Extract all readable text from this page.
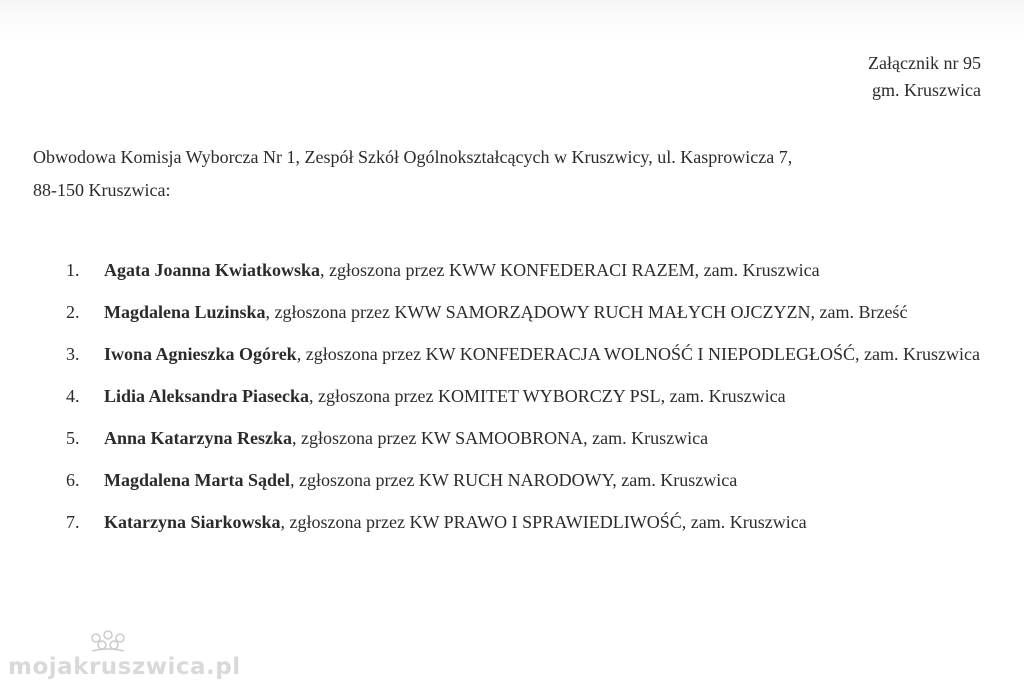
Załącznik nr 95
gm. Kruszwica
Obwodowa Komisja Wyborcza Nr 1, Zespół Szkół Ogólnokształcących w Kruszwicy, ul. Kasprowicza 7,
88-150 Kruszwica:
1. Agata Joanna Kwiatkowska, zgłoszona przez KWW KONFEDERACI RAZEM, zam. Kruszwica
2. Magdalena Luzinska, zgłoszona przez KWW SAMORZĄDOWY RUCH MAŁYCH OJCZYZN, zam. Brześć
3. Iwona Agnieszka Ogórek, zgłoszona przez KW KONFEDERACJA WOLNOŚĆ I NIEPODLEGŁOŚĆ, zam. Kruszwica
4. Lidia Aleksandra Piasecka, zgłoszona przez KOMITET WYBORCZY PSL, zam. Kruszwica
5. Anna Katarzyna Reszka, zgłoszona przez KW SAMOOBRONA, zam. Kruszwica
6. Magdalena Marta Sądel, zgłoszona przez KW RUCH NARODOWY, zam. Kruszwica
7. Katarzyna Siarkowska, zgłoszona przez KW PRAWO I SPRAWIEDLIWOŚĆ, zam. Kruszwica
mojakruszwica.pl
